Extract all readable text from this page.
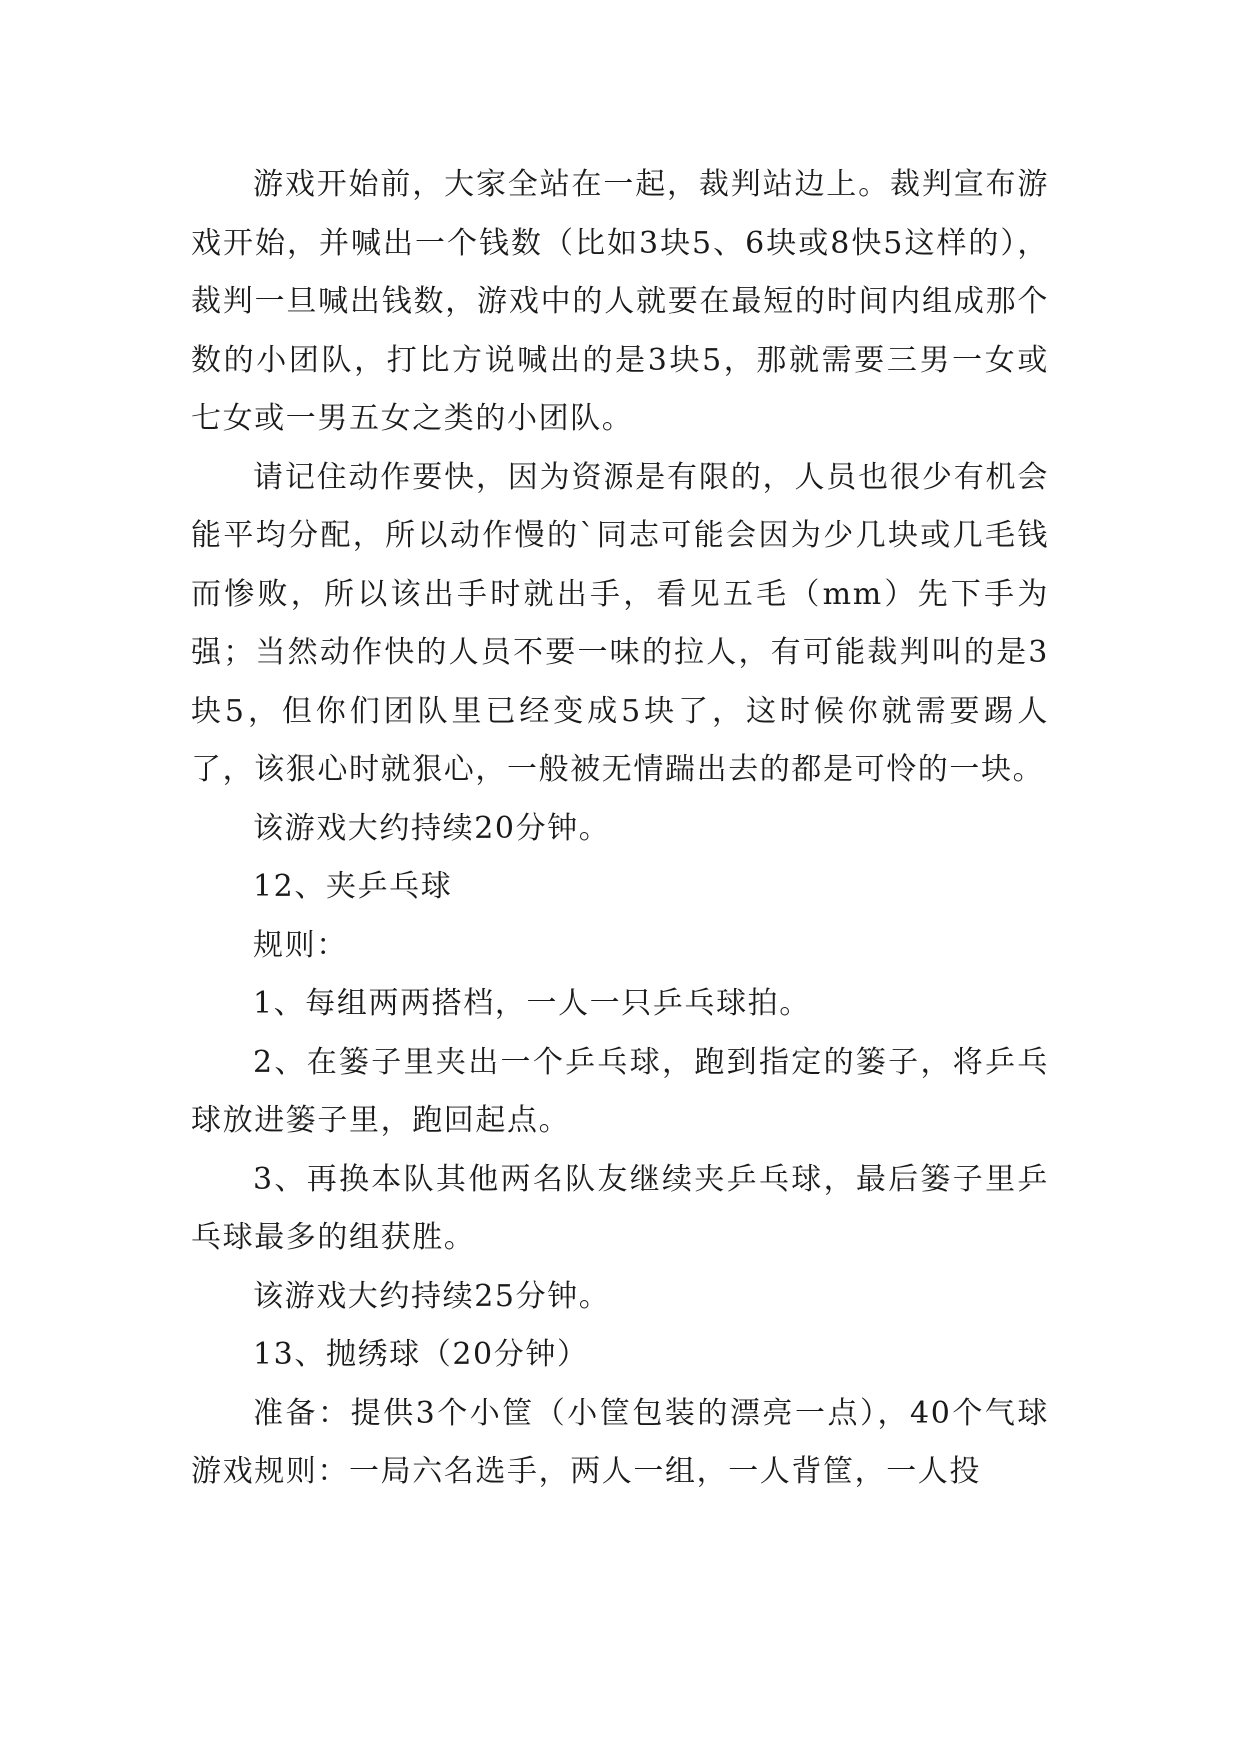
游戏开始前，大家全站在一起，裁判站边上。裁判宣布游戏开始，并喊出一个钱数（比如3块5、6块或8快5这样的），裁判一旦喊出钱数，游戏中的人就要在最短的时间内组成那个数的小团队，打比方说喊出的是3块5，那就需要三男一女或七女或一男五女之类的小团队。

请记住动作要快，因为资源是有限的，人员也很少有机会能平均分配，所以动作慢的`同志可能会因为少几块或几毛钱而惨败，所以该出手时就出手，看见五毛（mm）先下手为强；当然动作快的人员不要一味的拉人，有可能裁判叫的是3块5，但你们团队里已经变成5块了，这时候你就需要踢人了，该狠心时就狠心，一般被无情踹出去的都是可怜的一块。

该游戏大约持续20分钟。

12、夹乒乓球

规则：

1、每组两两搭档，一人一只乒乓球拍。

2、在篓子里夹出一个乒乓球，跑到指定的篓子，将乒乓球放进篓子里，跑回起点。

3、再换本队其他两名队友继续夹乒乓球，最后篓子里乒乓球最多的组获胜。

该游戏大约持续25分钟。

13、抛绣球（20分钟）

准备：提供3个小筐（小筐包装的漂亮一点），40个气球游戏规则：一局六名选手，两人一组，一人背筐，一人投
